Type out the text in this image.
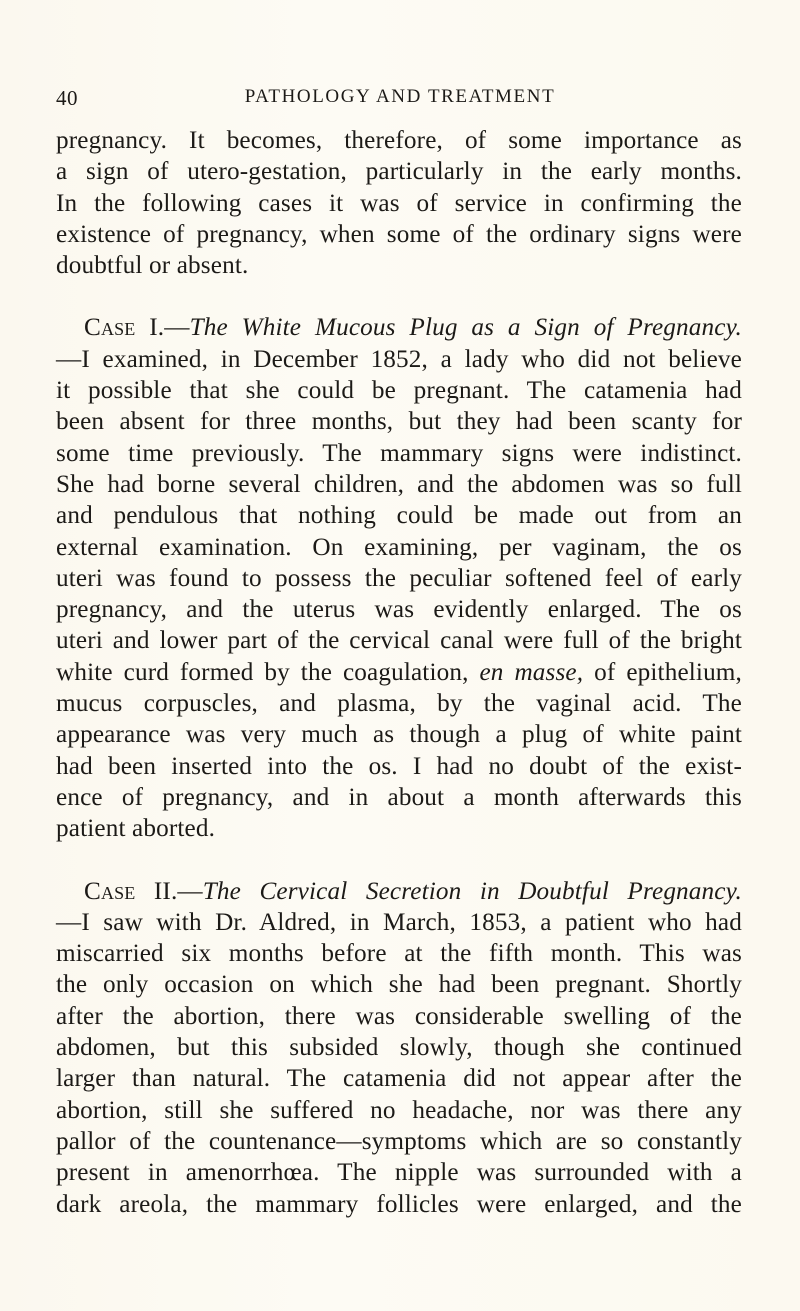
40	PATHOLOGY AND TREATMENT
pregnancy. It becomes, therefore, of some importance as
a sign of utero-gestation, particularly in the early months.
In the following cases it was of service in confirming the
existence of pregnancy, when some of the ordinary signs were
doubtful or absent.
Case I.—The White Mucous Plug as a Sign of Pregnancy.
—I examined, in December 1852, a lady who did not believe
it possible that she could be pregnant. The catamenia had
been absent for three months, but they had been scanty for
some time previously. The mammary signs were indistinct.
She had borne several children, and the abdomen was so full
and pendulous that nothing could be made out from an
external examination. On examining, per vaginam, the os
uteri was found to possess the peculiar softened feel of early
pregnancy, and the uterus was evidently enlarged. The os
uteri and lower part of the cervical canal were full of the bright
white curd formed by the coagulation, en masse, of epithelium,
mucus corpuscles, and plasma, by the vaginal acid. The
appearance was very much as though a plug of white paint
had been inserted into the os. I had no doubt of the exist-
ence of pregnancy, and in about a month afterwards this
patient aborted.
Case II.—The Cervical Secretion in Doubtful Pregnancy.
—I saw with Dr. Aldred, in March, 1853, a patient who had
miscarried six months before at the fifth month. This was
the only occasion on which she had been pregnant. Shortly
after the abortion, there was considerable swelling of the
abdomen, but this subsided slowly, though she continued
larger than natural. The catamenia did not appear after the
abortion, still she suffered no headache, nor was there any
pallor of the countenance—symptoms which are so constantly
present in amenorrhœa. The nipple was surrounded with a
dark areola, the mammary follicles were enlarged, and the
